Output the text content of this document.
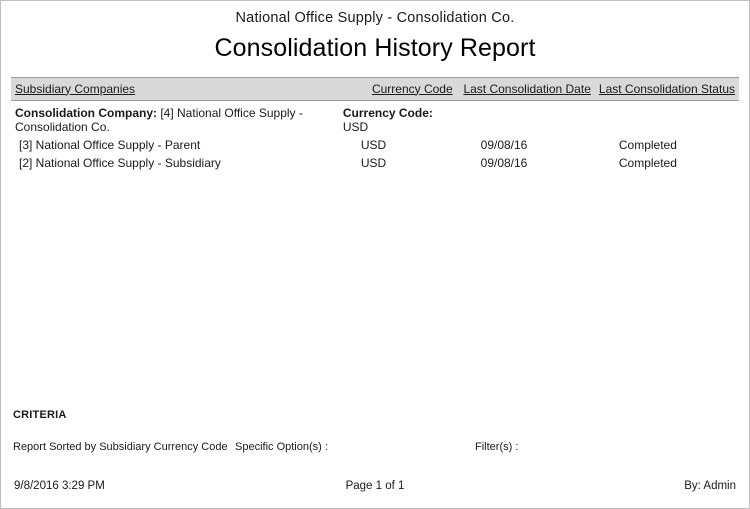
National Office Supply - Consolidation Co.
Consolidation History Report
Subsidiary Companies	Currency Code	Last Consolidation Date	Last Consolidation Status
Consolidation Company: [4] National Office Supply - Consolidation Co.	Currency Code: USD		
[3] National Office Supply - Parent	USD	09/08/16	Completed
[2] National Office Supply - Subsidiary	USD	09/08/16	Completed
CRITERIA
Report Sorted by Subsidiary Currency Code Specific Option(s) :	Filter(s) :
9/8/2016 3:29 PM	Page 1 of 1	By: Admin
